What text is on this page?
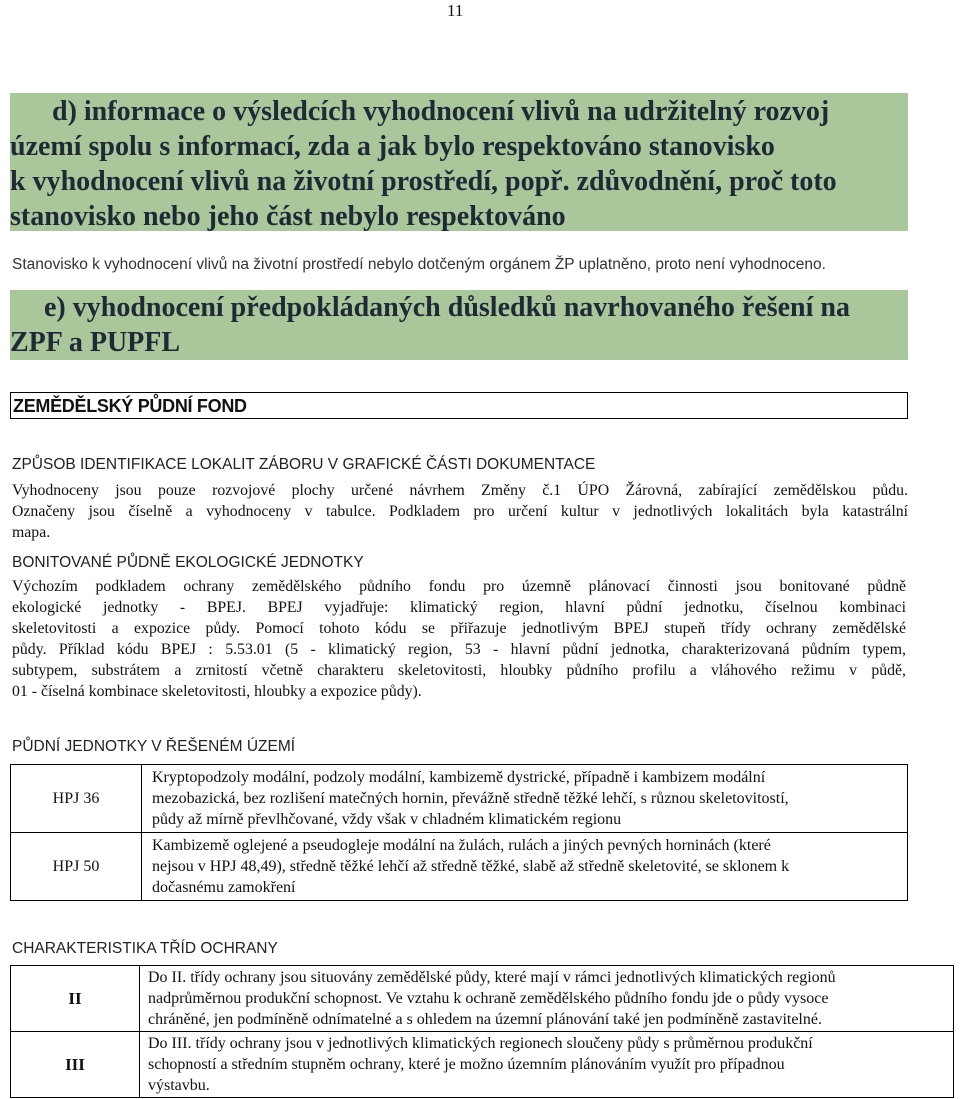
11
d) informace o výsledcích vyhodnocení vlivů na udržitelný rozvoj
území spolu s informací, zda a jak bylo respektováno stanovisko
k vyhodnocení vlivů na životní prostředí, popř. zdůvodnění, proč toto
stanovisko nebo jeho část nebylo respektováno
Stanovisko k vyhodnocení vlivů na životní prostředí nebylo dotčeným orgánem ŽP uplatněno, proto není vyhodnoceno.
e) vyhodnocení předpokládaných důsledků navrhovaného řešení na
ZPF a PUPFL
ZEMĚDĚLSKÝ PŮDNÍ FOND
ZPŮSOB IDENTIFIKACE LOKALIT ZÁBORU V GRAFICKÉ ČÁSTI DOKUMENTACE
Vyhodnoceny jsou pouze rozvojové plochy určené návrhem Změny č.1 ÚPO Žárovná, zabírající zemědělskou půdu.
Označeny jsou číselně a vyhodnoceny v tabulce. Podkladem pro určení kultur v jednotlivých lokalitách byla katastrální
mapa.
BONITOVANÉ PŮDNĚ EKOLOGICKÉ JEDNOTKY
Výchozím podkladem ochrany zemědělského půdního fondu pro územně plánovací činnosti jsou bonitované půdně
ekologické jednotky - BPEJ. BPEJ vyjadřuje: klimatický region, hlavní půdní jednotku, číselnou kombinaci
skeletovitosti a expozice půdy. Pomocí tohoto kódu se přiřazuje jednotlivým BPEJ stupeň třídy ochrany zemědělské
půdy. Příklad kódu BPEJ : 5.53.01 (5 - klimatický region, 53 - hlavní půdní jednotka, charakterizovaná půdním typem,
subtypem, substrátem a zrnitostí včetně charakteru skeletovitosti, hloubky půdního profilu a vláhového režimu v půdě,
01 - číselná kombinace skeletovitosti, hloubky a expozice půdy).
PŮDNÍ JEDNOTKY V ŘEŠENÉM ÚZEMÍ
HPJ 36	Kryptopodzoly modální, podzoly modální, kambizemě dystrické, případně i kambizem modální
mezobazická, bez rozlišení matečných hornin, převážně středně těžké lehčí, s různou skeletovitostí,
půdy až mírně převlhčované, vždy však v chladném klimatickém regionu

HPJ 50	Kambizemě oglejené a pseudogleje modální na žulách, rulách a jiných pevných horninách (které
nejsou v HPJ 48,49), středně těžké lehčí až středně těžké, slabě až středně skeletovité, se sklonem k
dočasnému zamokření
CHARAKTERISTIKA TŘÍD OCHRANY
II	Do II. třídy ochrany jsou situovány zemědělské půdy, které mají v rámci jednotlivých klimatických regionů
nadprůměrnou produkční schopnost. Ve vztahu k ochraně zemědělského půdního fondu jde o půdy vysoce
chráněné, jen podmíněně odnímatelné a s ohledem na územní plánování také jen podmíněně zastavitelné.

III	Do III. třídy ochrany jsou v jednotlivých klimatických regionech sloučeny půdy s průměrnou produkční
schopností a středním stupněm ochrany, které je možno územním plánováním využít pro případnou
výstavbu.
